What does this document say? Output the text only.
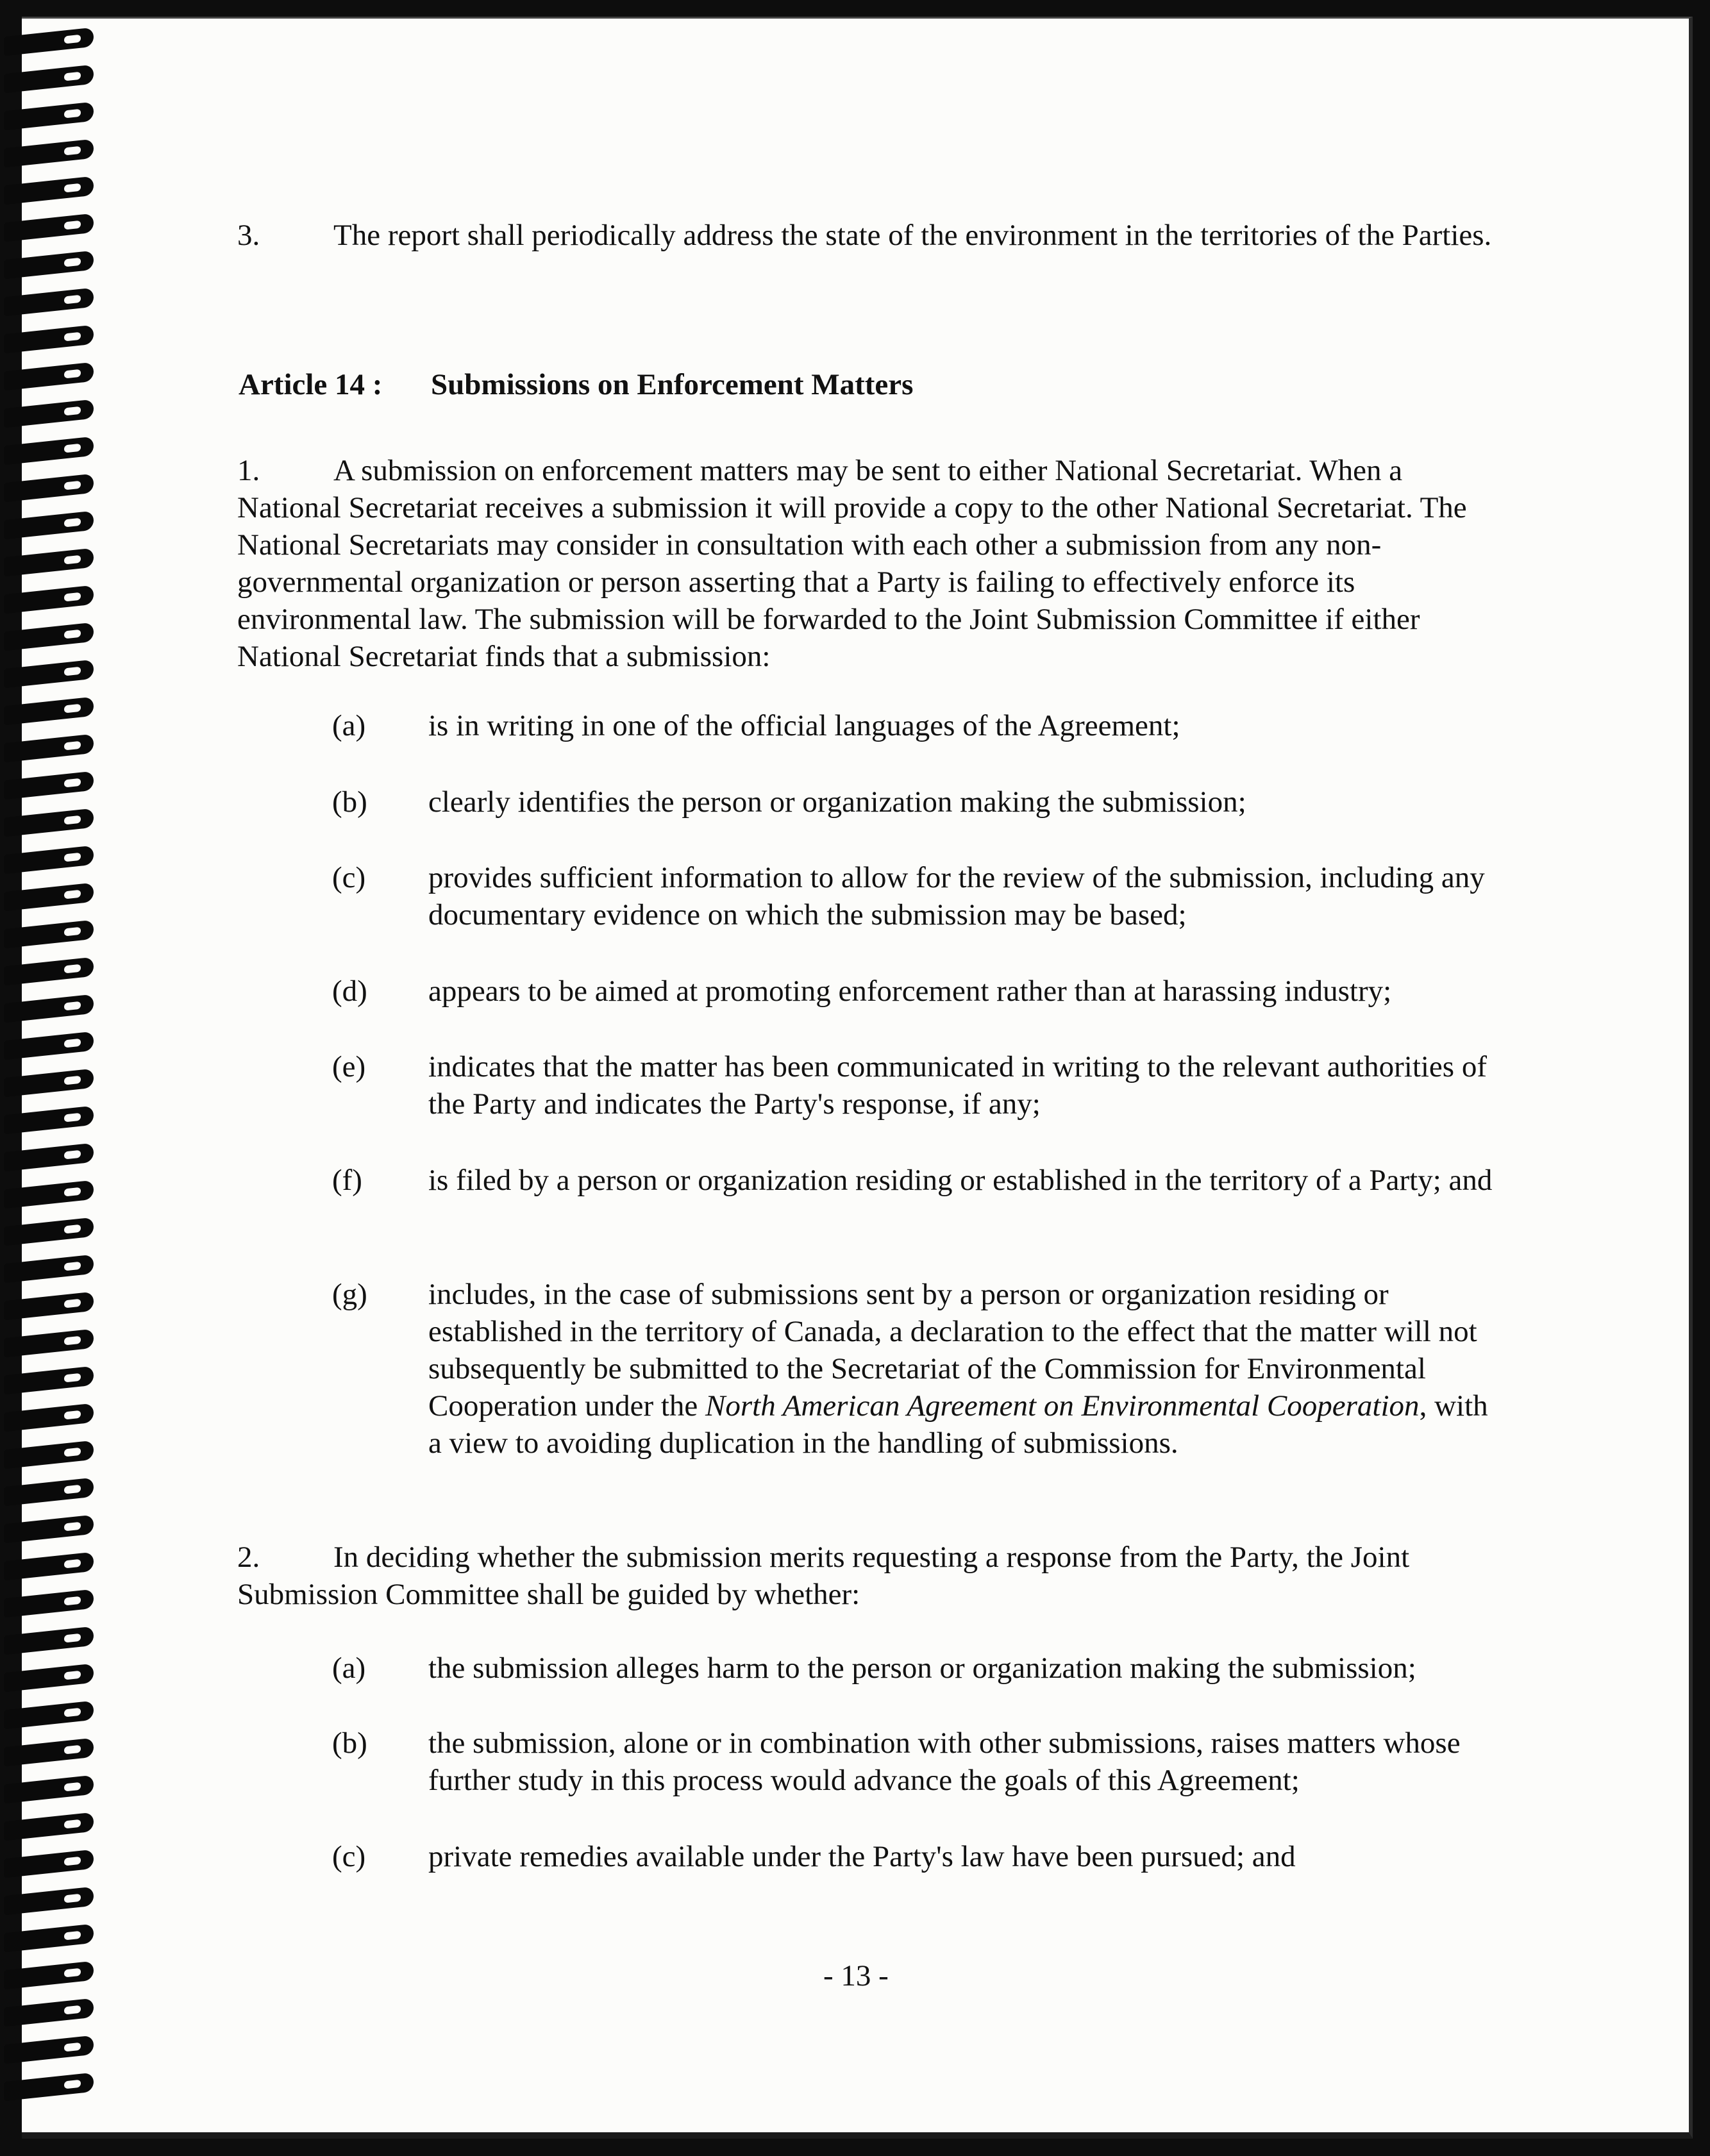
3. The report shall periodically address the state of the environment in the territories of the Parties.

Article 14 : Submissions on Enforcement Matters

1. A submission on enforcement matters may be sent to either National Secretariat. When a National Secretariat receives a submission it will provide a copy to the other National Secretariat. The National Secretariats may consider in consultation with each other a submission from any non-governmental organization or person asserting that a Party is failing to effectively enforce its environmental law. The submission will be forwarded to the Joint Submission Committee if either National Secretariat finds that a submission:

(a)	is in writing in one of the official languages of the Agreement;
(b)	clearly identifies the person or organization making the submission;
(c)	provides sufficient information to allow for the review of the submission, including any documentary evidence on which the submission may be based;
(d)	appears to be aimed at promoting enforcement rather than at harassing industry;
(e)	indicates that the matter has been communicated in writing to the relevant authorities of the Party and indicates the Party's response, if any;
(f)	is filed by a person or organization residing or established in the territory of a Party; and
(g)	includes, in the case of submissions sent by a person or organization residing or established in the territory of Canada, a declaration to the effect that the matter will not subsequently be submitted to the Secretariat of the Commission for Environmental Cooperation under the North American Agreement on Environmental Cooperation, with a view to avoiding duplication in the handling of submissions.

2. In deciding whether the submission merits requesting a response from the Party, the Joint Submission Committee shall be guided by whether:

(a)	the submission alleges harm to the person or organization making the submission;
(b)	the submission, alone or in combination with other submissions, raises matters whose further study in this process would advance the goals of this Agreement;
(c)	private remedies available under the Party's law have been pursued; and
- 13 -
